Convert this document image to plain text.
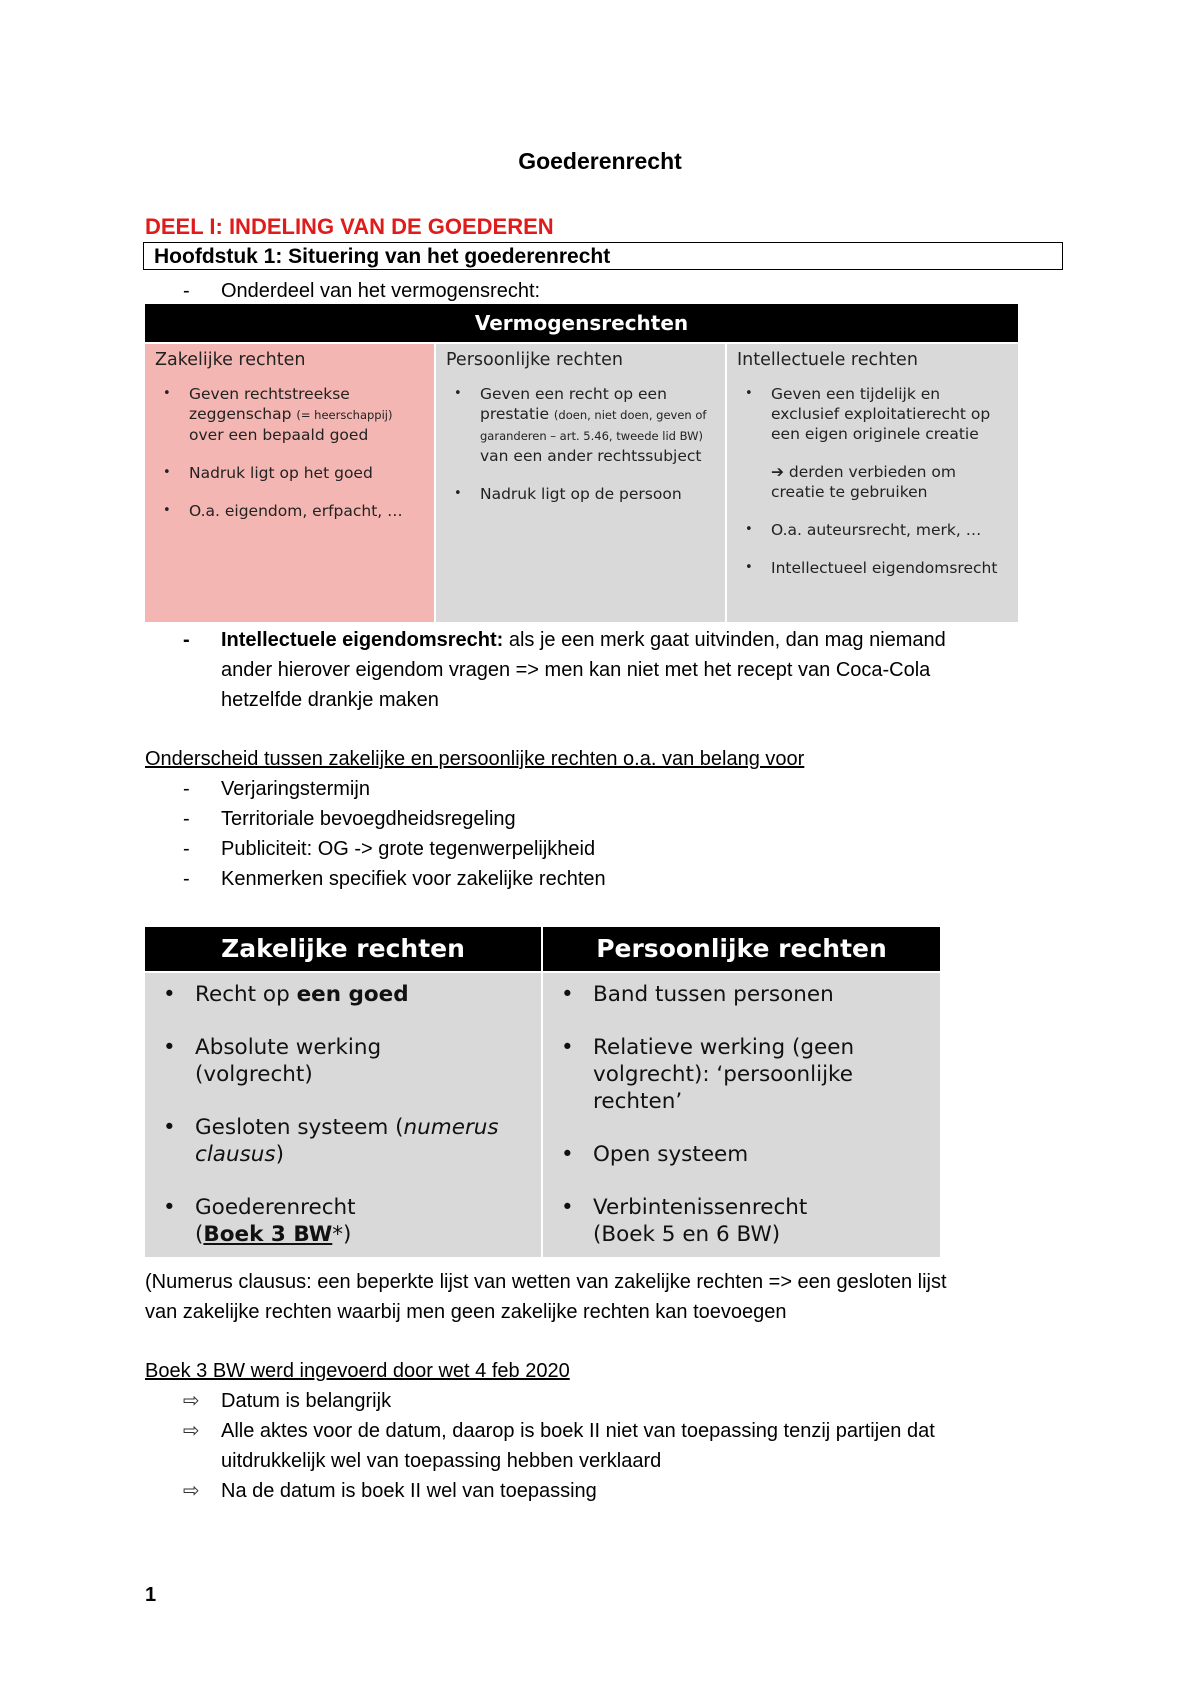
Goederenrecht
DEEL I: INDELING VAN DE GOEDEREN
Hoofdstuk 1: Situering van het goederenrecht
- Onderdeel van het vermogensrecht:
Vermogensrechten
Zakelijke rechten
• Geven rechtstreekse
zeggenschap (= heerschappij)
over een bepaald goed
• Nadruk ligt op het goed
• O.a. eigendom, erfpacht, …
Persoonlijke rechten
• Geven een recht op een
prestatie (doen, niet doen, geven of garanderen – art. 5.46, tweede lid BW)
van een ander rechtssubject
• Nadruk ligt op de persoon
Intellectuele rechten
• Geven een tijdelijk en exclusief exploitatierecht op een eigen originele creatie
➔ derden verbieden om creatie te gebruiken
• O.a. auteursrecht, merk, …
• Intellectueel eigendomsrecht
- Intellectuele eigendomsrecht: als je een merk gaat uitvinden, dan mag niemand
ander hierover eigendom vragen => men kan niet met het recept van Coca-Cola
hetzelfde drankje maken
Onderscheid tussen zakelijke en persoonlijke rechten o.a. van belang voor
- Verjaringstermijn
- Territoriale bevoegdheidsregeling
- Publiciteit: OG -> grote tegenwerpelijkheid
- Kenmerken specifiek voor zakelijke rechten
Zakelijke rechten	Persoonlijke rechten
• Recht op een goed
• Absolute werking
(volgrecht)
• Gesloten systeem (numerus
clausus)
• Goederenrecht
(Boek 3 BW*)
• Band tussen personen
• Relatieve werking (geen
volgrecht): ‘persoonlijke
rechten’
• Open systeem
• Verbintenissenrecht
(Boek 5 en 6 BW)
(Numerus clausus: een beperkte lijst van wetten van zakelijke rechten => een gesloten lijst
van zakelijke rechten waarbij men geen zakelijke rechten kan toevoegen
Boek 3 BW werd ingevoerd door wet 4 feb 2020
⇨ Datum is belangrijk
⇨ Alle aktes voor de datum, daarop is boek II niet van toepassing tenzij partijen dat
uitdrukkelijk wel van toepassing hebben verklaard
⇨ Na de datum is boek II wel van toepassing
1
